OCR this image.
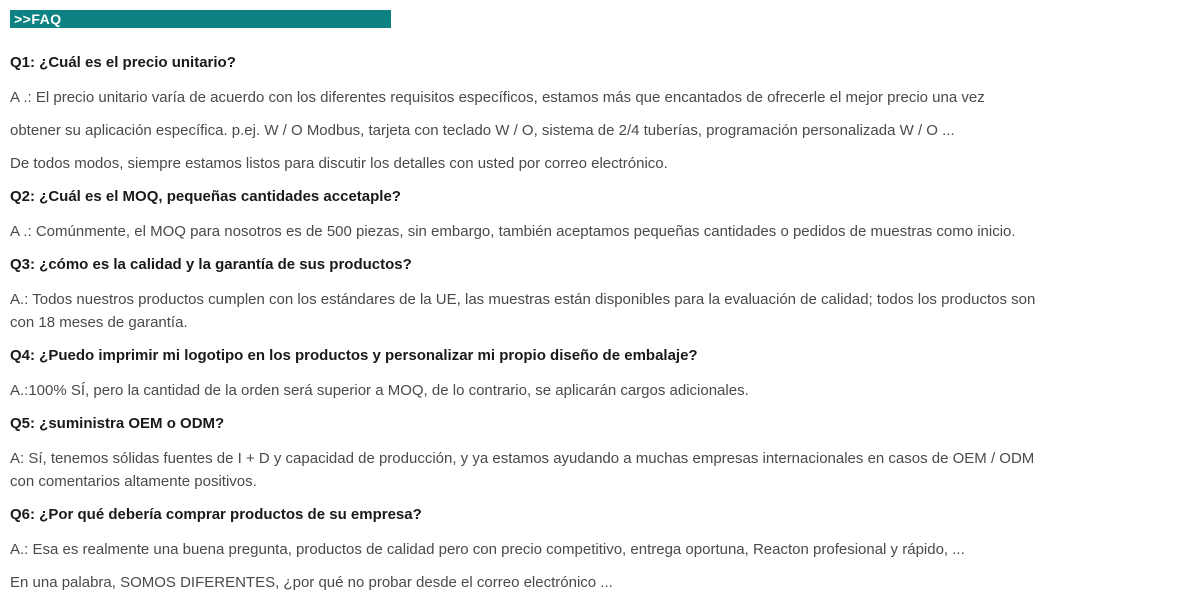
>>FAQ
Q1: ¿Cuál es el precio unitario?

A .: El precio unitario varía de acuerdo con los diferentes requisitos específicos, estamos más que encantados de ofrecerle el mejor precio una vez

obtener su aplicación específica. p.ej. W / O Modbus, tarjeta con teclado W / O, sistema de 2/4 tuberías, programación personalizada W / O ...

De todos modos, siempre estamos listos para discutir los detalles con usted por correo electrónico.

Q2: ¿Cuál es el MOQ, pequeñas cantidades accetaple?

A .: Comúnmente, el MOQ para nosotros es de 500 piezas, sin embargo, también aceptamos pequeñas cantidades o pedidos de muestras como inicio.

Q3: ¿cómo es la calidad y la garantía de sus productos?

A.: Todos nuestros productos cumplen con los estándares de la UE, las muestras están disponibles para la evaluación de calidad; todos los productos son con 18 meses de garantía.

Q4: ¿Puedo imprimir mi logotipo en los productos y personalizar mi propio diseño de embalaje?

A.:100% SÍ, pero la cantidad de la orden será superior a MOQ, de lo contrario, se aplicarán cargos adicionales.

Q5: ¿suministra OEM o ODM?

A: Sí, tenemos sólidas fuentes de I + D y capacidad de producción, y ya estamos ayudando a muchas empresas internacionales en casos de OEM / ODM con comentarios altamente positivos.

Q6: ¿Por qué debería comprar productos de su empresa?

A.: Esa es realmente una buena pregunta, productos de calidad pero con precio competitivo, entrega oportuna, Reacton profesional y rápido, ...

En una palabra, SOMOS DIFERENTES, ¿por qué no probar desde el correo electrónico ...
